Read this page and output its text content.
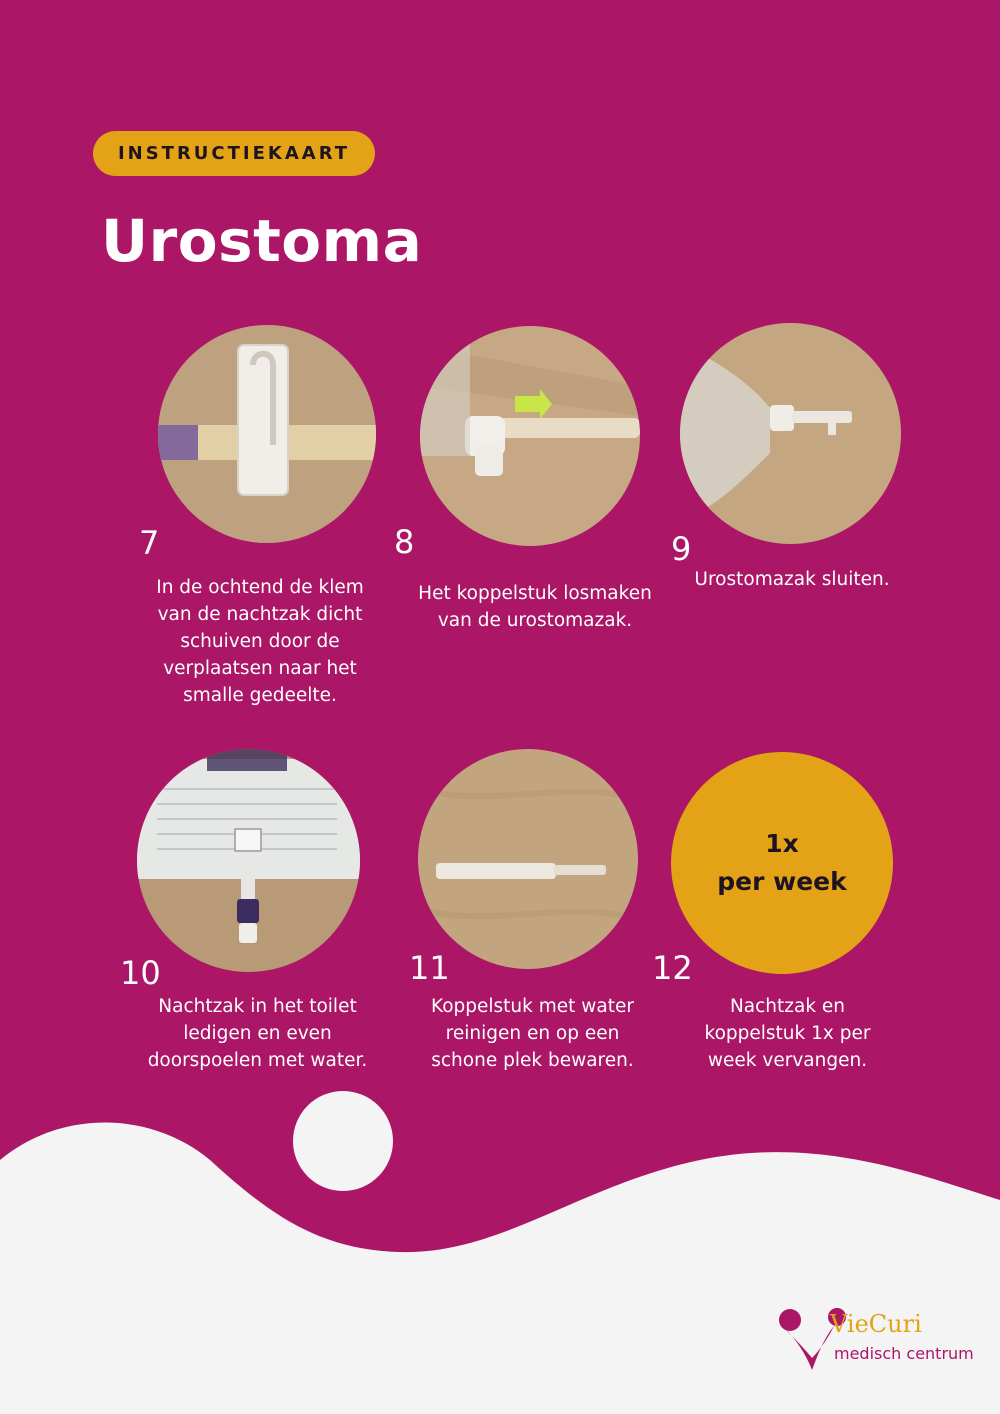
INSTRUCTIEKAART
Urostoma
7
In de ochtend de klem van de nachtzak dicht schuiven door de verplaatsen naar het smalle gedeelte.
8
Het koppelstuk losmaken van de urostomazak.
9
Urostomazak sluiten.
10
Nachtzak in het toilet ledigen en even doorspoelen met water.
11
Koppelstuk met water reinigen en op een schone plek bewaren.
1x
per week
12
Nachtzak en koppelstuk 1x per week vervangen.
VieCuri
medisch centrum
